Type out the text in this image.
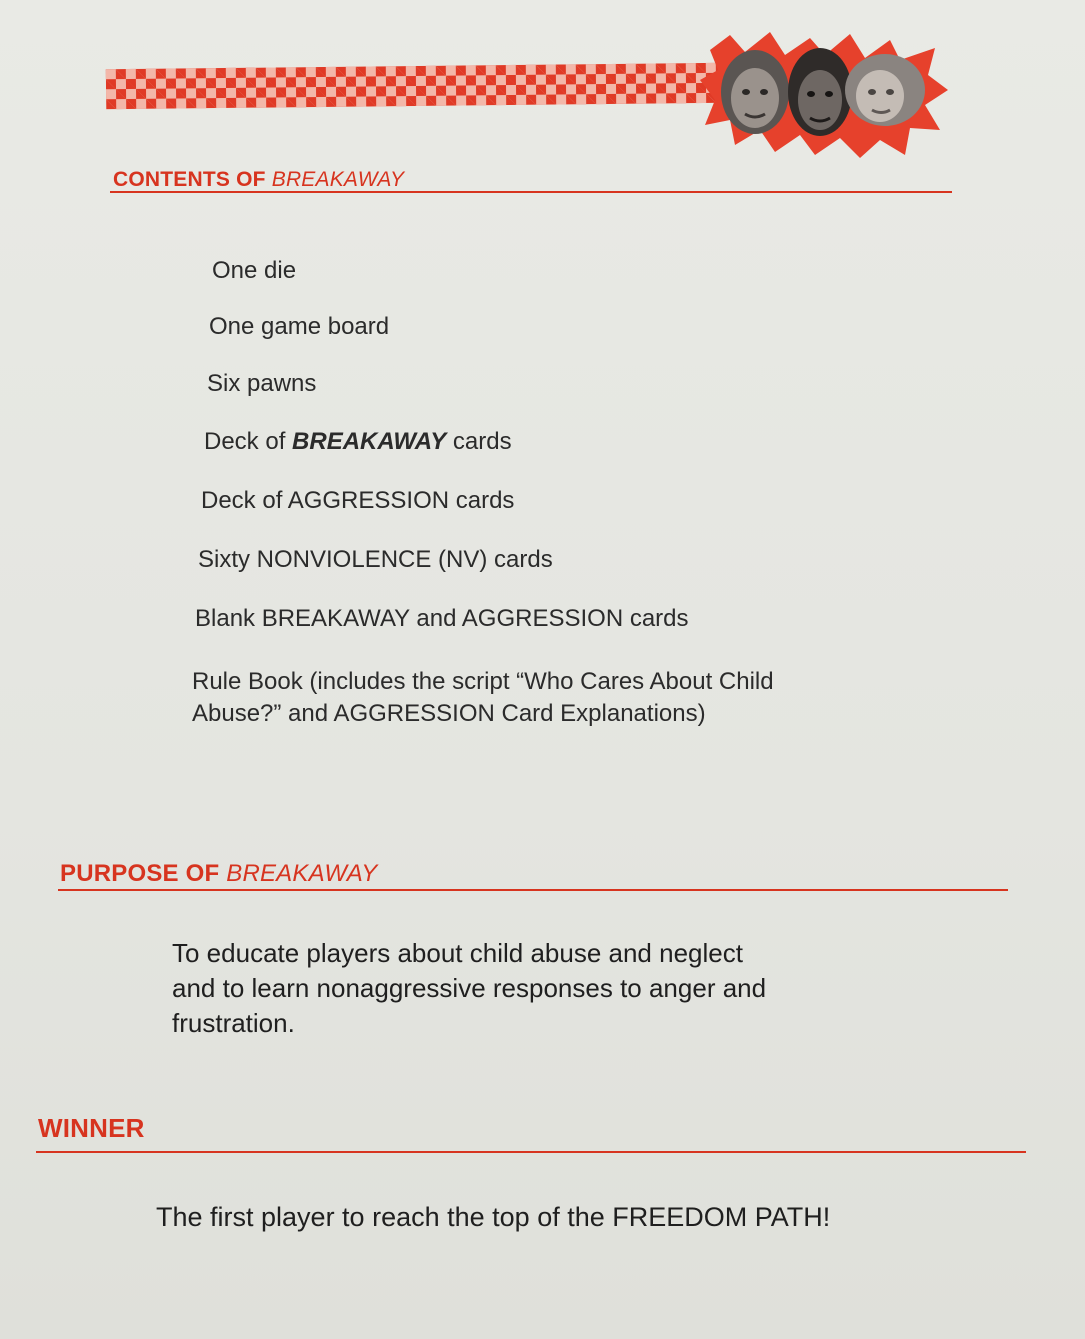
CONTENTS OF BREAKAWAY
One die
One game board
Six pawns
Deck of BREAKAWAY cards
Deck of AGGRESSION cards
Sixty NONVIOLENCE (NV) cards
Blank BREAKAWAY and AGGRESSION cards
Rule Book (includes the script “Who Cares About Child
Abuse?” and AGGRESSION Card Explanations)
PURPOSE OF BREAKAWAY
To educate players about child abuse and neglect
and to learn nonaggressive responses to anger and
frustration.
WINNER
The first player to reach the top of the FREEDOM PATH!
